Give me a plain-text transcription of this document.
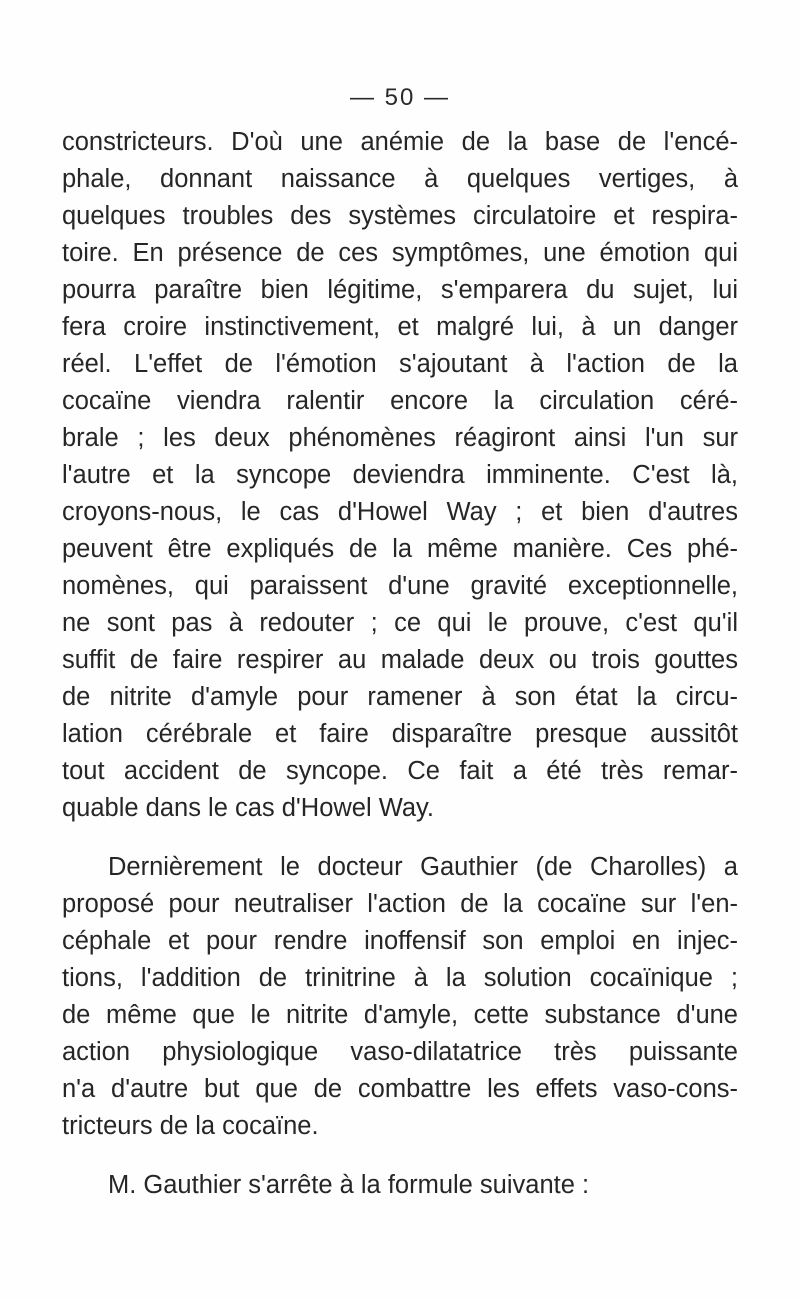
— 50 —
constricteurs. D'où une anémie de la base de l'encé-
phale, donnant naissance à quelques vertiges, à
quelques troubles des systèmes circulatoire et respira-
toire. En présence de ces symptômes, une émotion qui
pourra paraître bien légitime, s'emparera du sujet, lui
fera croire instinctivement, et malgré lui, à un danger
réel. L'effet de l'émotion s'ajoutant à l'action de la
cocaïne viendra ralentir encore la circulation céré-
brale ; les deux phénomènes réagiront ainsi l'un sur
l'autre et la syncope deviendra imminente. C'est là,
croyons-nous, le cas d'Howel Way ; et bien d'autres
peuvent être expliqués de la même manière. Ces phé-
nomènes, qui paraissent d'une gravité exceptionnelle,
ne sont pas à redouter ; ce qui le prouve, c'est qu'il
suffit de faire respirer au malade deux ou trois gouttes
de nitrite d'amyle pour ramener à son état la circu-
lation cérébrale et faire disparaître presque aussitôt
tout accident de syncope. Ce fait a été très remar-
quable dans le cas d'Howel Way.
Dernièrement le docteur Gauthier (de Charolles) a
proposé pour neutraliser l'action de la cocaïne sur l'en-
céphale et pour rendre inoffensif son emploi en injec-
tions, l'addition de trinitrine à la solution cocaïnique ;
de même que le nitrite d'amyle, cette substance d'une
action physiologique vaso-dilatatrice très puissante
n'a d'autre but que de combattre les effets vaso-cons-
tricteurs de la cocaïne.
M. Gauthier s'arrête à la formule suivante :
